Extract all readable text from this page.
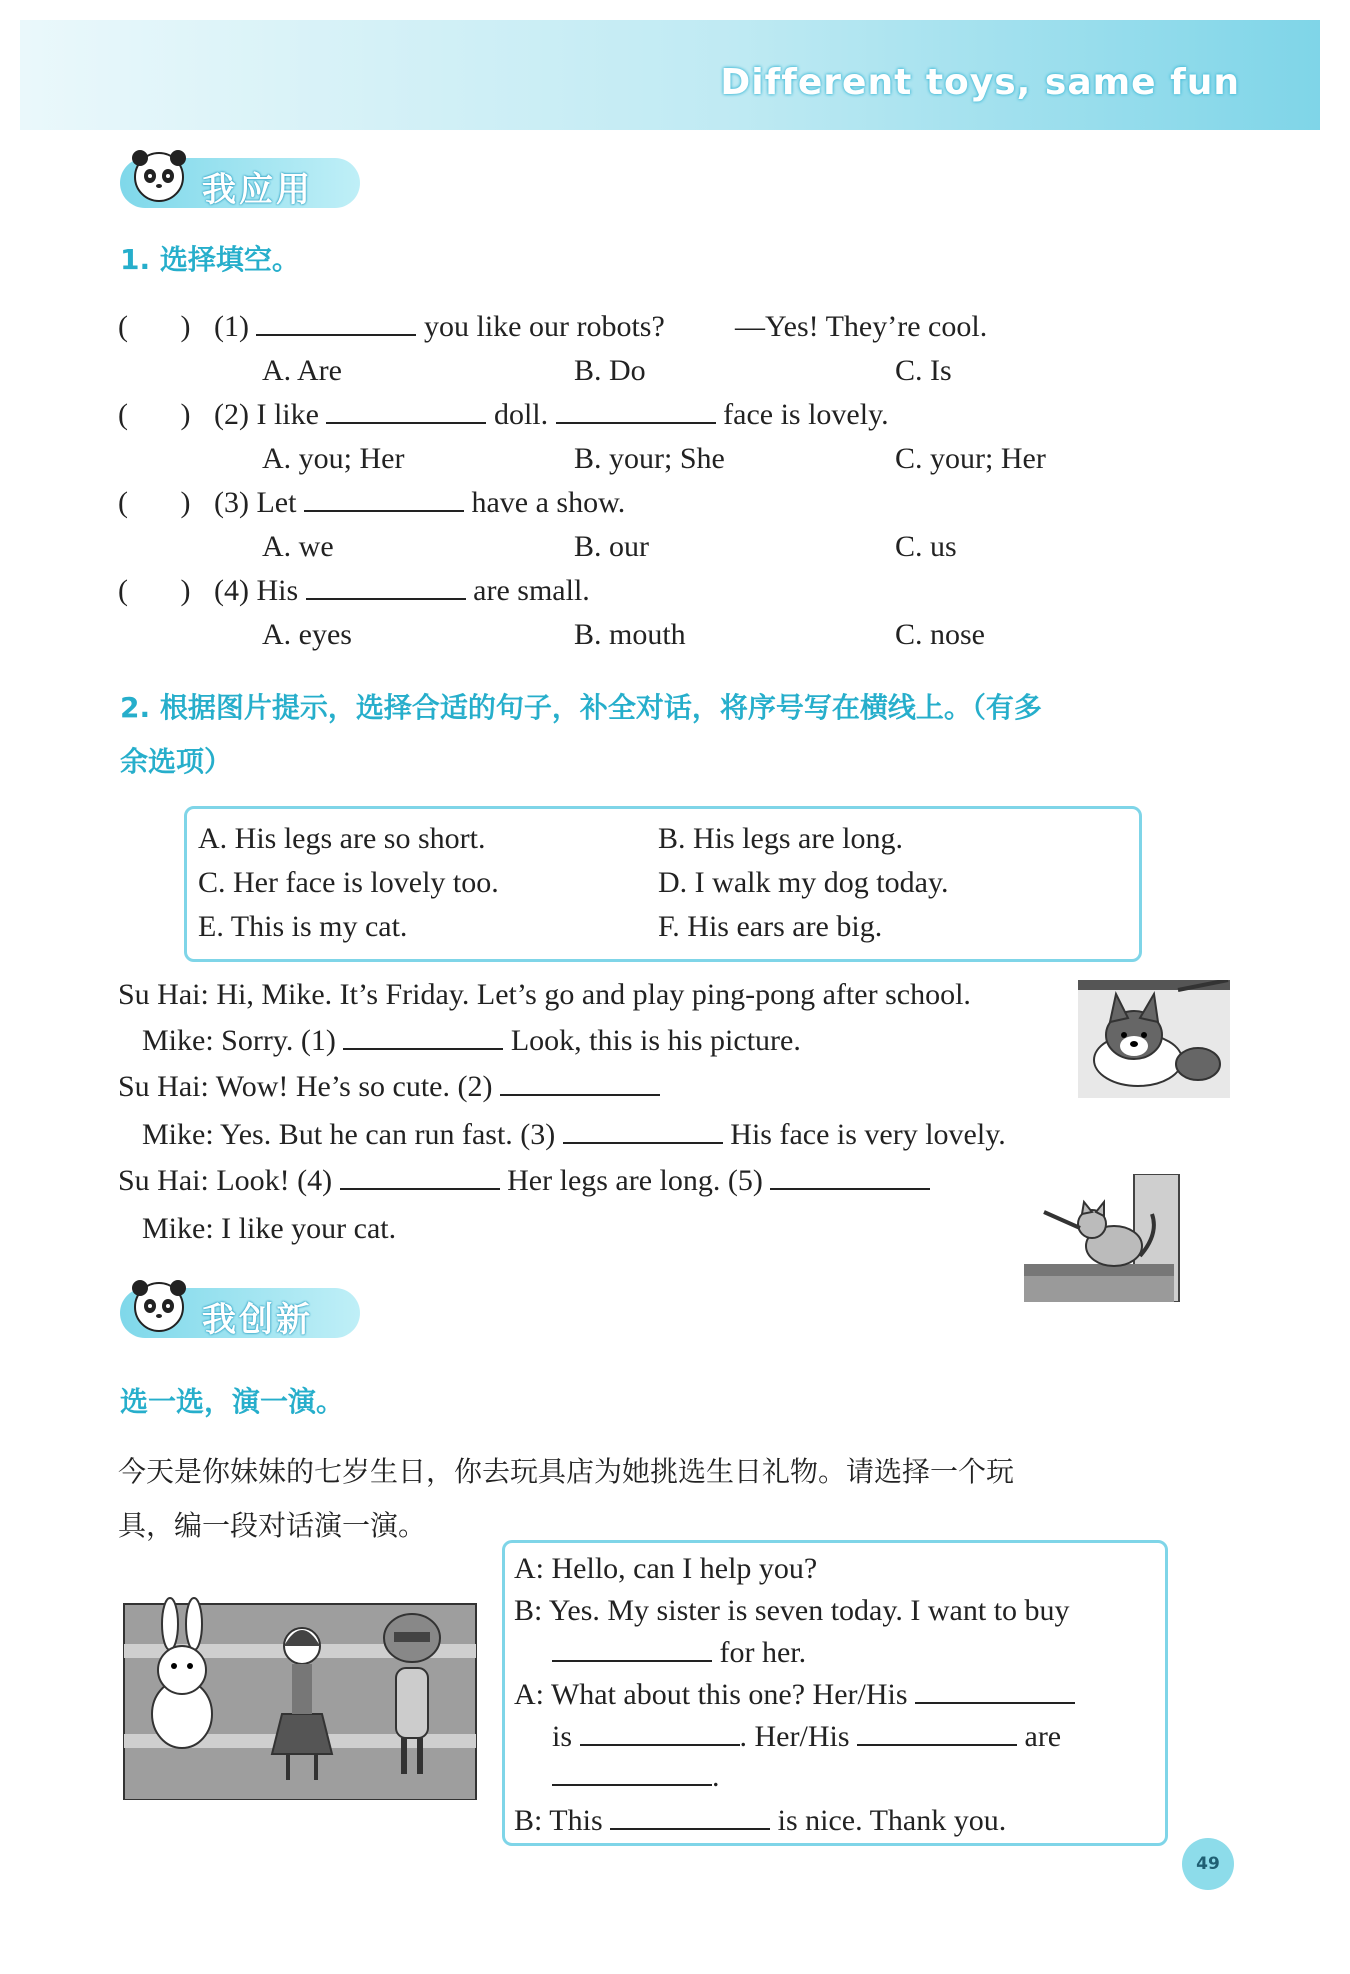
Different toys, same fun
我应用
1. 选择填空。
(       ) (1)	you like our robots? —Yes! They’re cool.
A. Are	B. Do	C. Is
(       ) (2) I like	doll.	face is lovely.
A. you; Her	B. your; She	C. your; Her
(       ) (3) Let	have a show.
A. we	B. our	C. us
(       ) (4) His	are small.
A. eyes	B. mouth	C. nose
2. 根据图片提示，选择合适的句子，补全对话，将序号写在横线上。（有多
余选项）
A. His legs are so short.	B. His legs are long.
C. Her face is lovely too.	D. I walk my dog today.
E. This is my cat.	F. His ears are big.
Su Hai: Hi, Mike. It’s Friday. Let’s go and play ping-pong after school.
Mike: Sorry. (1)	Look, this is his picture.
Su Hai: Wow! He’s so cute. (2)
Mike: Yes. But he can run fast. (3)	His face is very lovely.
Su Hai: Look! (4)	Her legs are long. (5)
Mike: I like your cat.
我创新
选一选，演一演。
今天是你妹妹的七岁生日，你去玩具店为她挑选生日礼物。请选择一个玩
具，编一段对话演一演。
A: Hello, can I help you?
B: Yes. My sister is seven today. I want to buy
for her.
A: What about this one? Her/His
is	. Her/His	are
.
B: This	is nice. Thank you.
49
